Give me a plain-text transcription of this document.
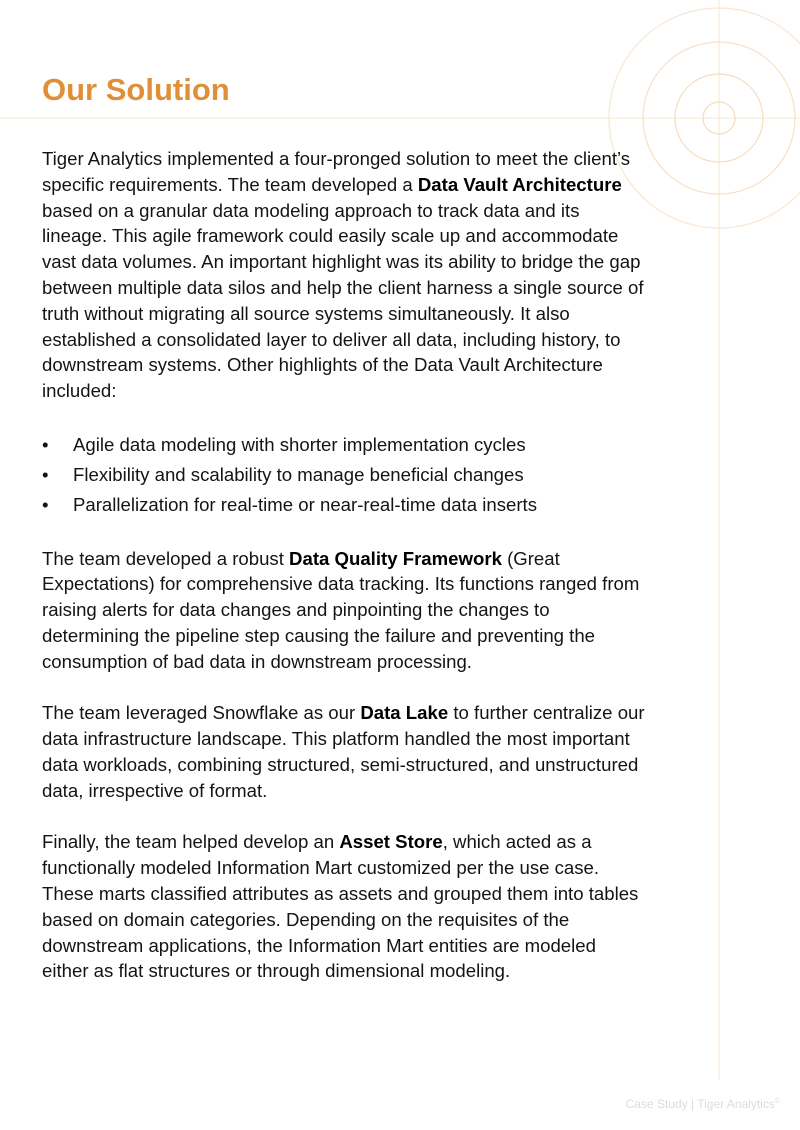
Our Solution

Tiger Analytics implemented a four-pronged solution to meet the client’s specific requirements. The team developed a Data Vault Architecture based on a granular data modeling approach to track data and its lineage. This agile framework could easily scale up and accommodate vast data volumes. An important highlight was its ability to bridge the gap between multiple data silos and help the client harness a single source of truth without migrating all source systems simultaneously. It also established a consolidated layer to deliver all data, including history, to downstream systems. Other highlights of the Data Vault Architecture included:

• Agile data modeling with shorter implementation cycles
• Flexibility and scalability to manage beneficial changes
• Parallelization for real-time or near-real-time data inserts

The team developed a robust Data Quality Framework (Great Expectations) for comprehensive data tracking. Its functions ranged from raising alerts for data changes and pinpointing the changes to determining the pipeline step causing the failure and preventing the consumption of bad data in downstream processing.

The team leveraged Snowflake as our Data Lake to further centralize our data infrastructure landscape. This platform handled the most important data workloads, combining structured, semi-structured, and unstructured data, irrespective of format.

Finally, the team helped develop an Asset Store, which acted as a functionally modeled Information Mart customized per the use case. These marts classified attributes as assets and grouped them into tables based on domain categories. Depending on the requisites of the downstream applications, the Information Mart entities are modeled either as flat structures or through dimensional modeling.

Case Study | Tiger Analytics©
